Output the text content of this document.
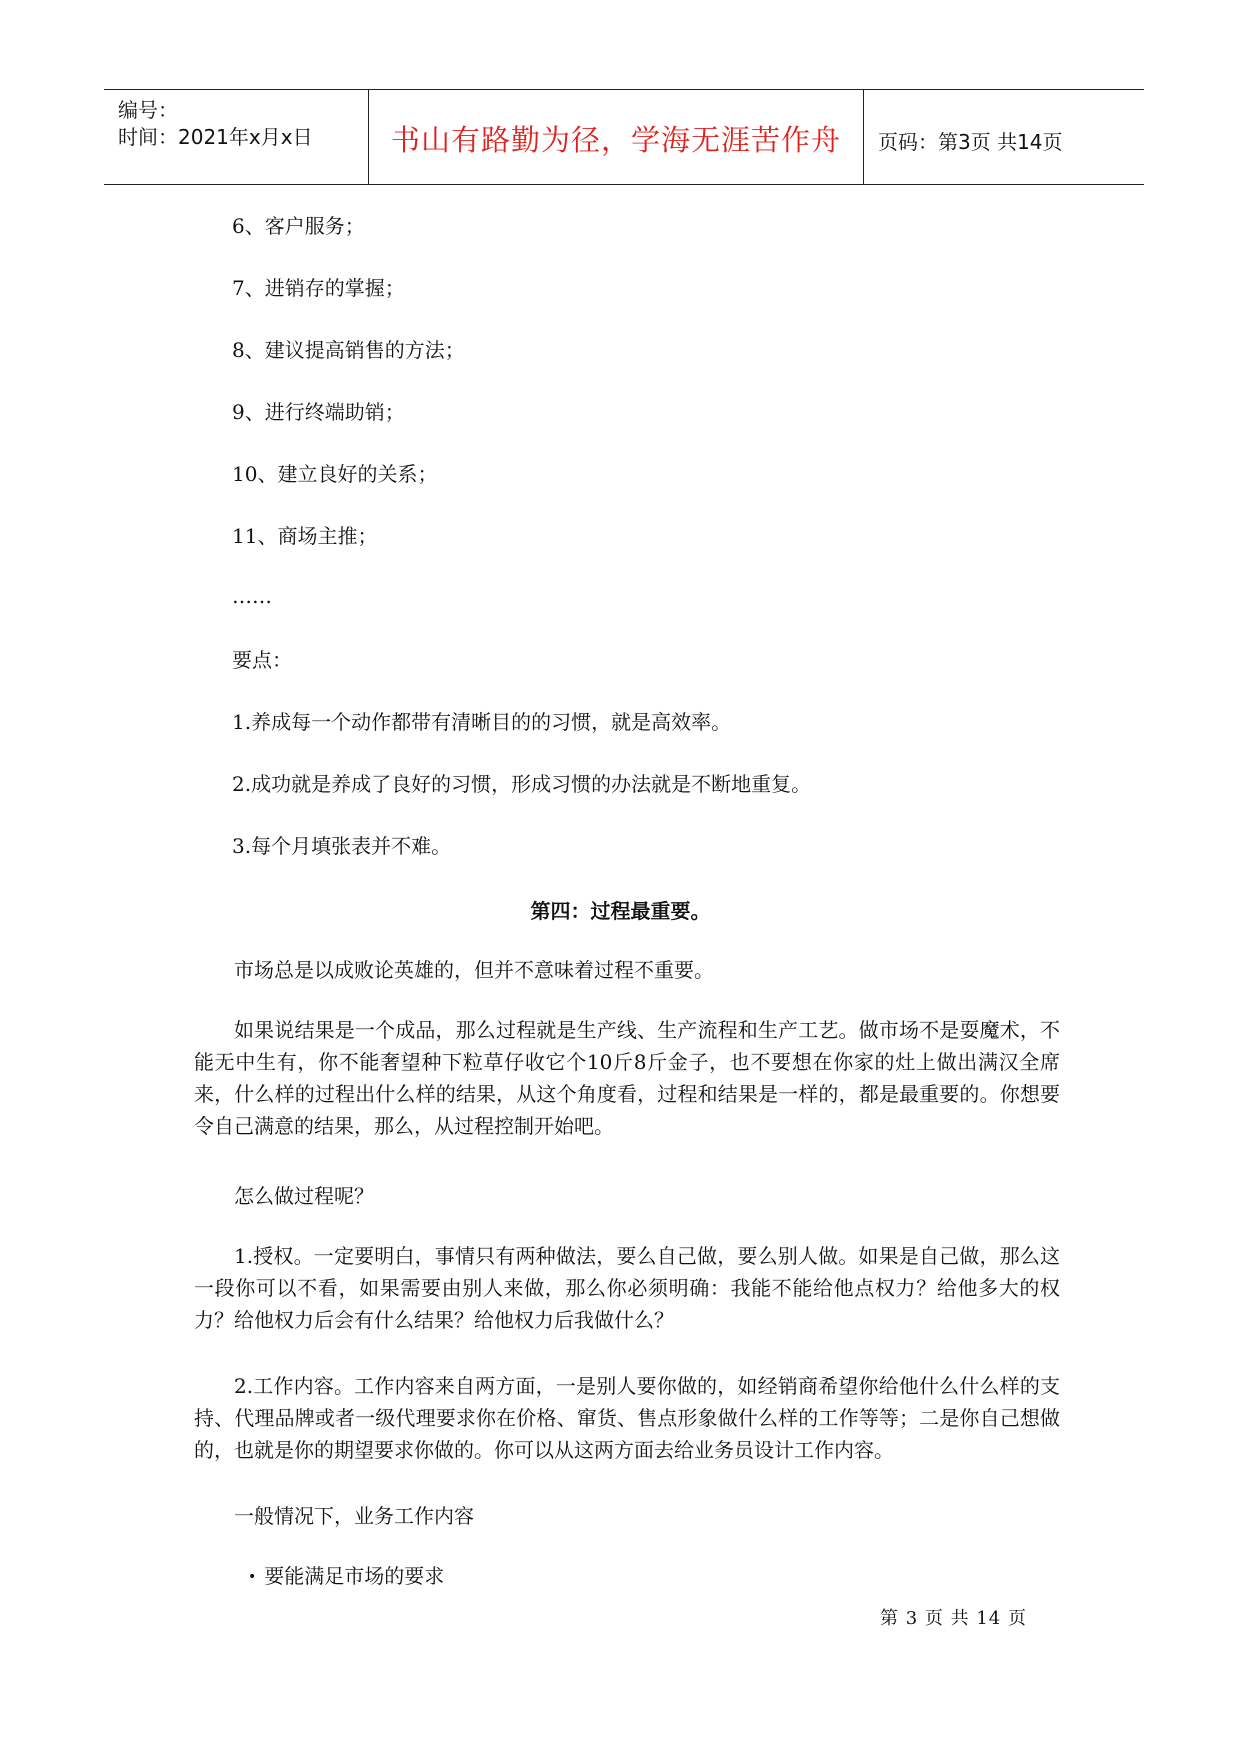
编号：
时间：2021年x月x日	书山有路勤为径，学海无涯苦作舟	页码：第3页 共14页
6、客户服务；
7、进销存的掌握；
8、建议提高销售的方法；
9、进行终端助销；
10、建立良好的关系；
11、商场主推；
……
要点：
1.养成每一个动作都带有清晰目的的习惯，就是高效率。
2.成功就是养成了良好的习惯，形成习惯的办法就是不断地重复。
3.每个月填张表并不难。
第四：过程最重要。
市场总是以成败论英雄的，但并不意味着过程不重要。
如果说结果是一个成品，那么过程就是生产线、生产流程和生产工艺。做市场不是耍魔术，不能无中生有，你不能奢望种下粒草仔收它个10斤8斤金子，也不要想在你家的灶上做出满汉全席来，什么样的过程出什么样的结果，从这个角度看，过程和结果是一样的，都是最重要的。你想要令自己满意的结果，那么，从过程控制开始吧。
怎么做过程呢？
1.授权。一定要明白，事情只有两种做法，要么自己做，要么别人做。如果是自己做，那么这一段你可以不看，如果需要由别人来做，那么你必须明确：我能不能给他点权力？给他多大的权力？给他权力后会有什么结果？给他权力后我做什么？
2.工作内容。工作内容来自两方面，一是别人要你做的，如经销商希望你给他什么什么样的支持、代理品牌或者一级代理要求你在价格、窜货、售点形象做什么样的工作等等；二是你自己想做的，也就是你的期望要求你做的。你可以从这两方面去给业务员设计工作内容。
一般情况下，业务工作内容
• 要能满足市场的要求
第 3 页 共 14 页
